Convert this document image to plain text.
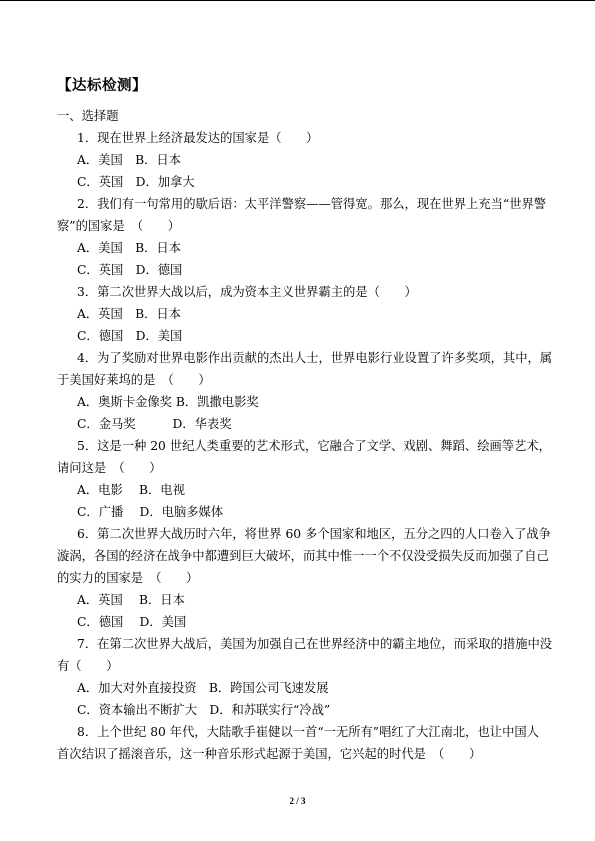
【达标检测】
一、选择题
1．现在世界上经济最发达的国家是（　　）
A．美国　B．日本
C．英国　D．加拿大
2．我们有一句常用的歇后语：太平洋警察——管得宽。那么，现在世界上充当“世界警
察”的国家是　（　　）
A．美国　B．日本
C．英国　D．德国
3．第二次世界大战以后，成为资本主义世界霸主的是（　　）
A．英国　B．日本
C．德国　D．美国
4．为了奖励对世界电影作出贡献的杰出人士，世界电影行业设置了许多奖项，其中，属
于美国好莱坞的是　（　　）
A．奥斯卡金像奖 B．凯撒电影奖
C．金马奖　　　D．华表奖
5．这是一种 20 世纪人类重要的艺术形式，它融合了文学、戏剧、舞蹈、绘画等艺术，
请问这是　（　　）
A．电影　 B．电视
C．广播　 D．电脑多媒体
6．第二次世界大战历时六年，将世界 60 多个国家和地区，五分之四的人口卷入了战争
漩涡，各国的经济在战争中都遭到巨大破坏，而其中惟一一个不仅没受损失反而加强了自己
的实力的国家是　（　　）
A．英国　 B．日本
C．德国　 D．美国
7．在第二次世界大战后，美国为加强自己在世界经济中的霸主地位，而采取的措施中没
有（　　）
A．加大对外直接投资　B．跨国公司飞速发展
C．资本输出不断扩大　D．和苏联实行“冷战”
8．上个世纪 80 年代，大陆歌手崔健以一首“一无所有”唱红了大江南北，也让中国人
首次结识了摇滚音乐，这一种音乐形式起源于美国，它兴起的时代是　（　　）
2 / 3
